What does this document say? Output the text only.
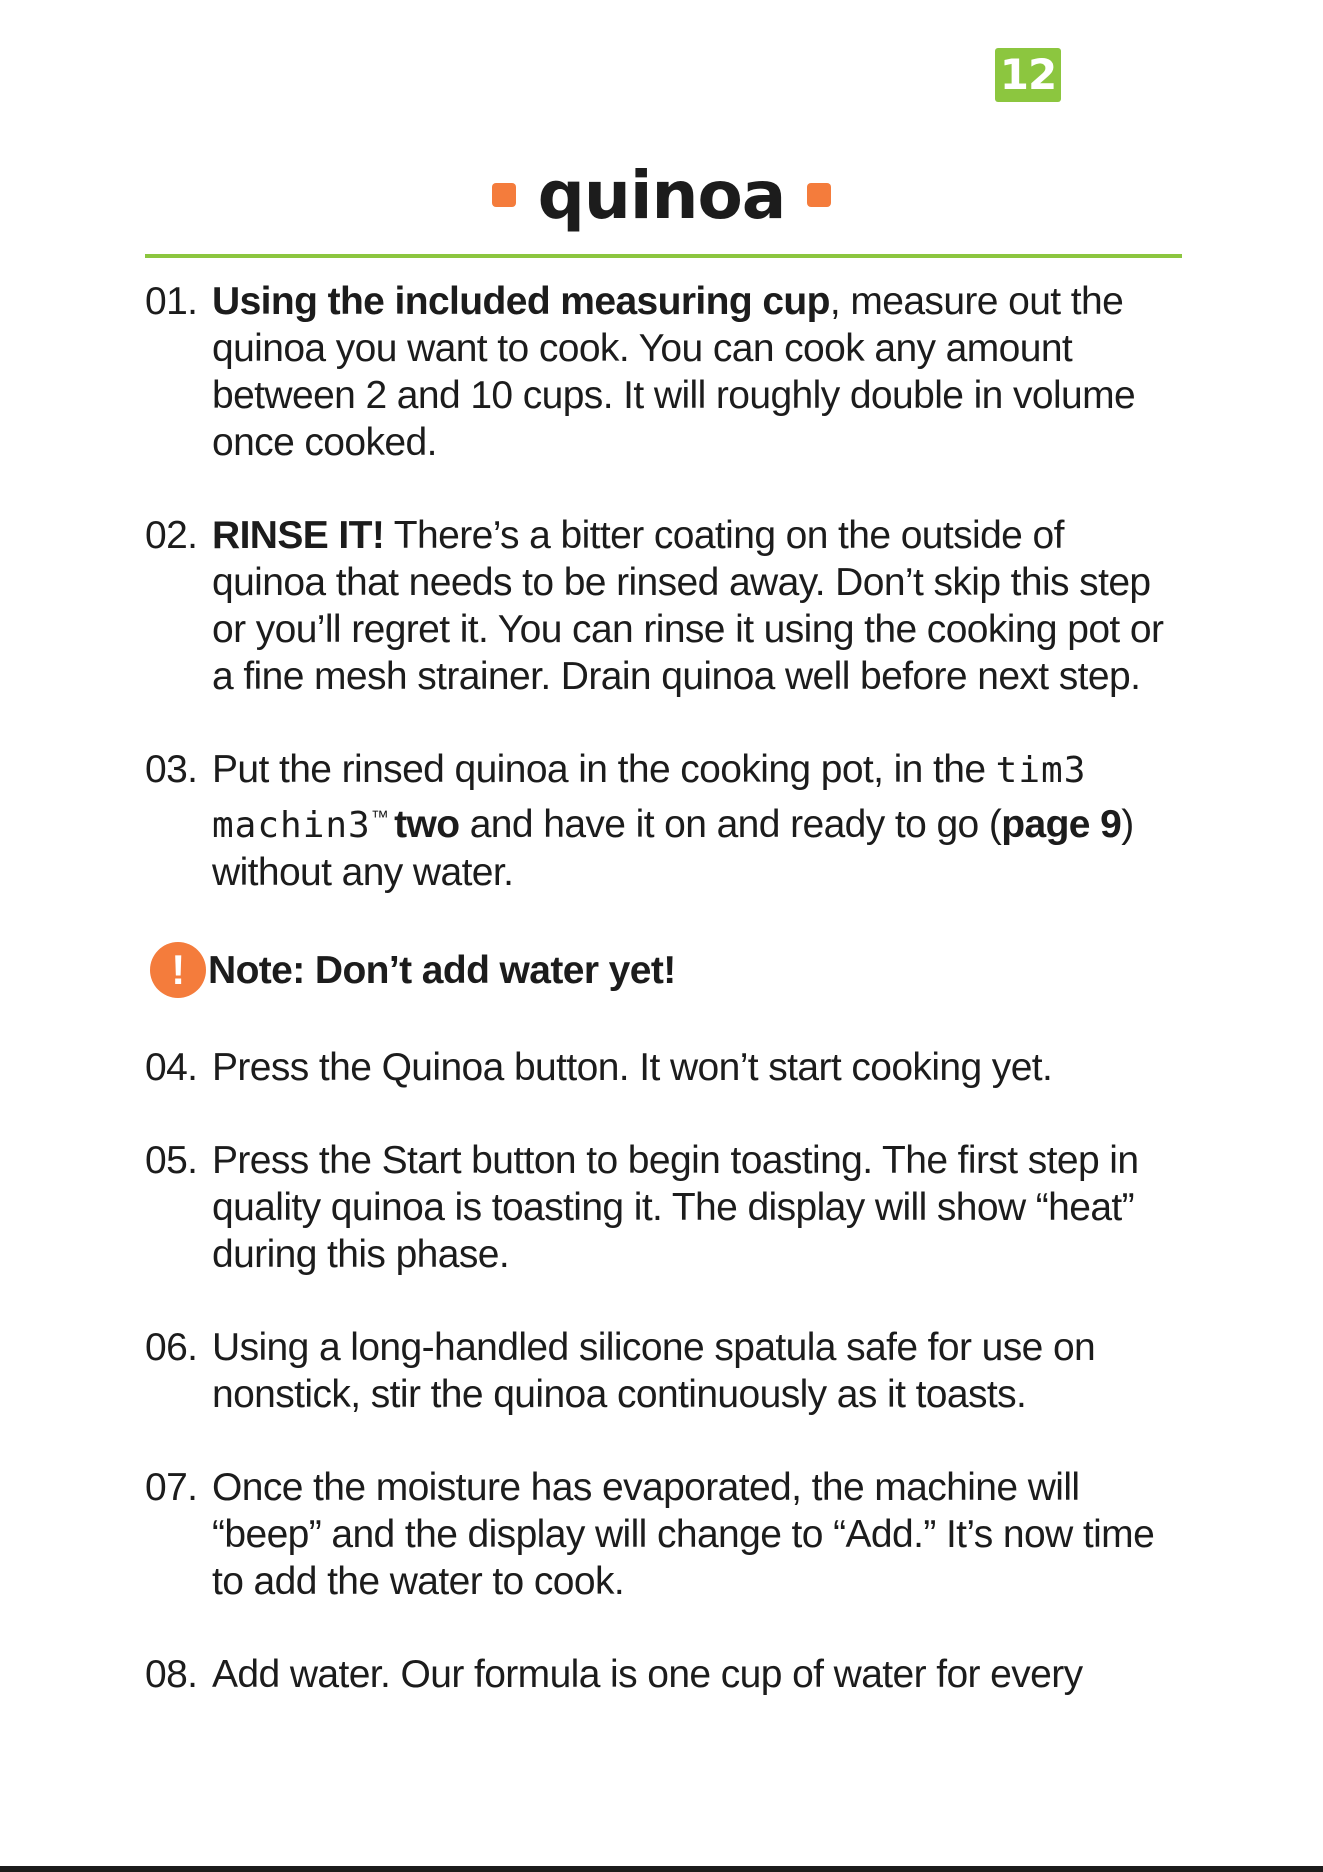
12
quinoa
01. Using the included measuring cup, measure out the quinoa you want to cook. You can cook any amount between 2 and 10 cups. It will roughly double in volume once cooked.
02. RINSE IT! There’s a bitter coating on the outside of quinoa that needs to be rinsed away. Don’t skip this step or you’ll regret it. You can rinse it using the cooking pot or a fine mesh strainer. Drain quinoa well before next step.
03. Put the rinsed quinoa in the cooking pot, in the tim3 machin3™ two and have it on and ready to go (page 9) without any water.
! Note: Don’t add water yet!
04. Press the Quinoa button. It won’t start cooking yet.
05. Press the Start button to begin toasting. The first step in quality quinoa is toasting it. The display will show “heat” during this phase.
06. Using a long-handled silicone spatula safe for use on nonstick, stir the quinoa continuously as it toasts.
07. Once the moisture has evaporated, the machine will “beep” and the display will change to “Add.” It’s now time to add the water to cook.
08. Add water. Our formula is one cup of water for every
